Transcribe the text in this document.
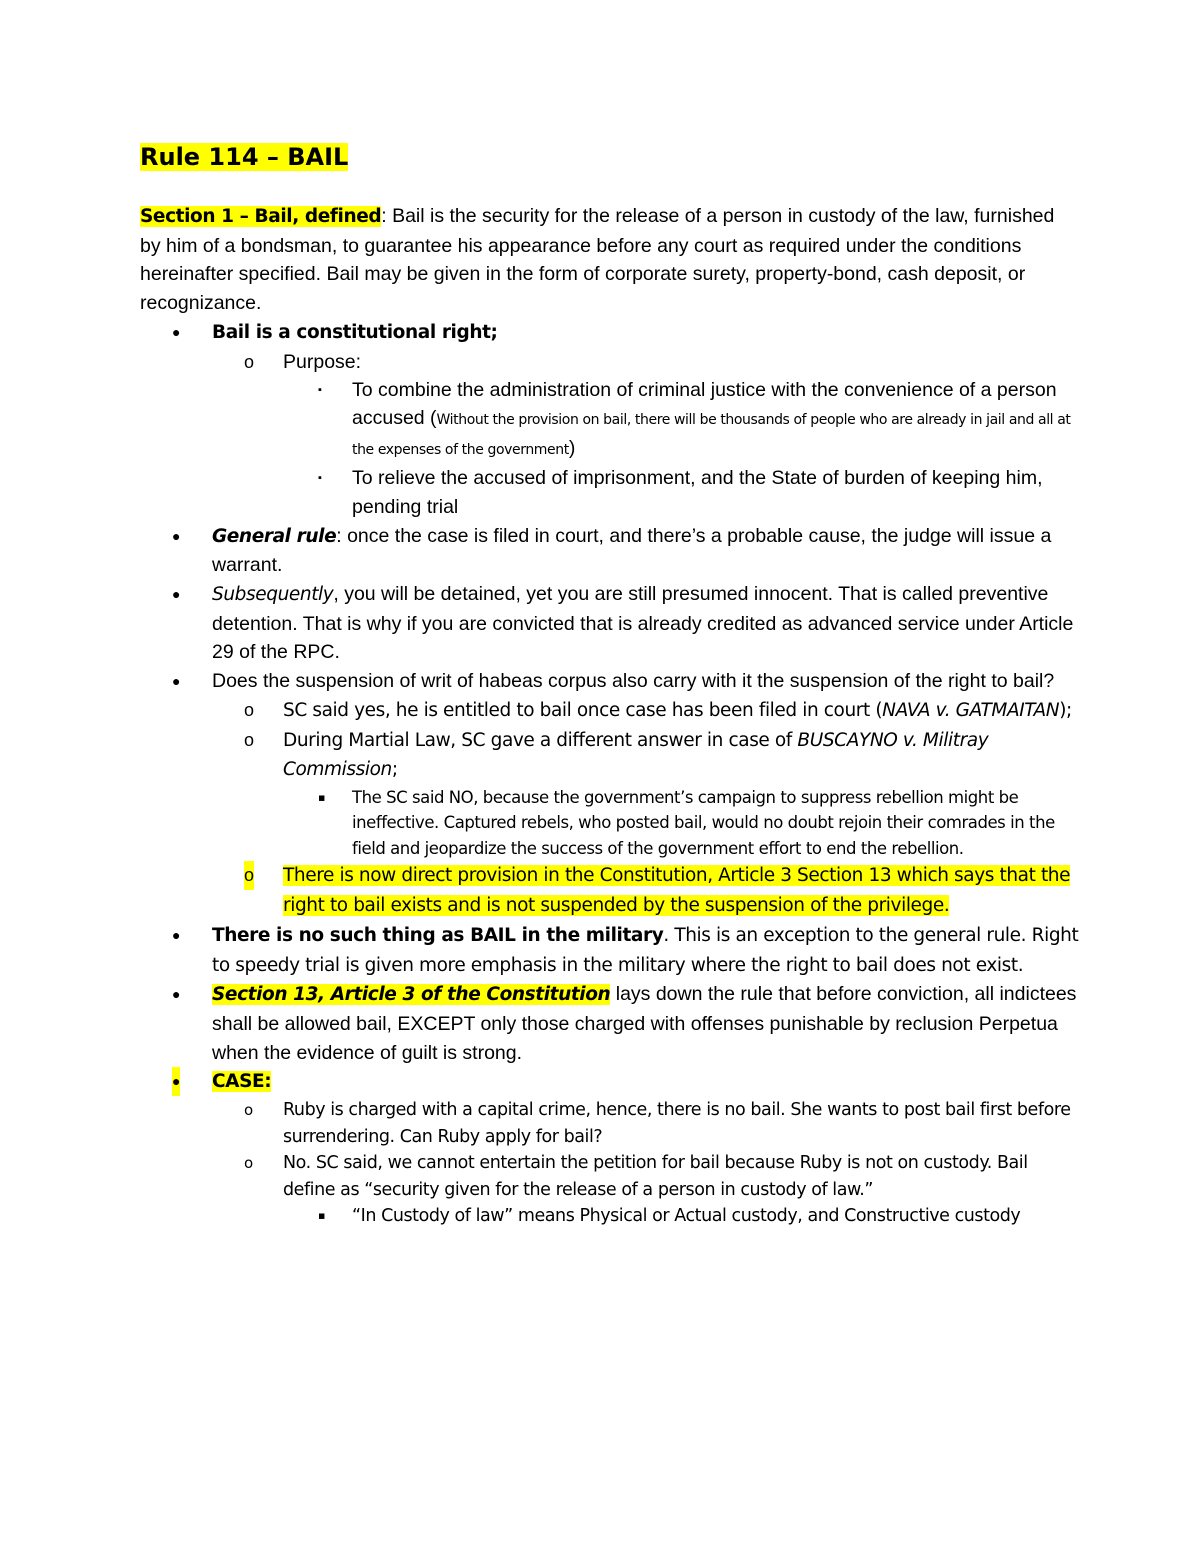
Rule 114 – BAIL
Section 1 – Bail, defined: Bail is the security for the release of a person in custody of the law, furnished by him of a bondsman, to guarantee his appearance before any court as required under the conditions hereinafter specified. Bail may be given in the form of corporate surety, property-bond, cash deposit, or recognizance.
● Bail is a constitutional right;
o Purpose:
▪ To combine the administration of criminal justice with the convenience of a person accused (Without the provision on bail, there will be thousands of people who are already in jail and all at the expenses of the government)
▪ To relieve the accused of imprisonment, and the State of burden of keeping him, pending trial
● General rule: once the case is filed in court, and there’s a probable cause, the judge will issue a warrant.
● Subsequently, you will be detained, yet you are still presumed innocent. That is called preventive detention. That is why if you are convicted that is already credited as advanced service under Article 29 of the RPC.
● Does the suspension of writ of habeas corpus also carry with it the suspension of the right to bail?
o SC said yes, he is entitled to bail once case has been filed in court (NAVA v. GATMAITAN);
o During Martial Law, SC gave a different answer in case of BUSCAYNO v. Militray Commission;
▪ The SC said NO, because the government’s campaign to suppress rebellion might be ineffective. Captured rebels, who posted bail, would no doubt rejoin their comrades in the field and jeopardize the success of the government effort to end the rebellion.
o There is now direct provision in the Constitution, Article 3 Section 13 which says that the right to bail exists and is not suspended by the suspension of the privilege.
● There is no such thing as BAIL in the military. This is an exception to the general rule. Right to speedy trial is given more emphasis in the military where the right to bail does not exist.
● Section 13, Article 3 of the Constitution lays down the rule that before conviction, all indictees shall be allowed bail, EXCEPT only those charged with offenses punishable by reclusion Perpetua when the evidence of guilt is strong.
● CASE:
o Ruby is charged with a capital crime, hence, there is no bail. She wants to post bail first before surrendering. Can Ruby apply for bail?
o No. SC said, we cannot entertain the petition for bail because Ruby is not on custody. Bail define as “security given for the release of a person in custody of law.”
▪ “In Custody of law” means Physical or Actual custody, and Constructive custody
